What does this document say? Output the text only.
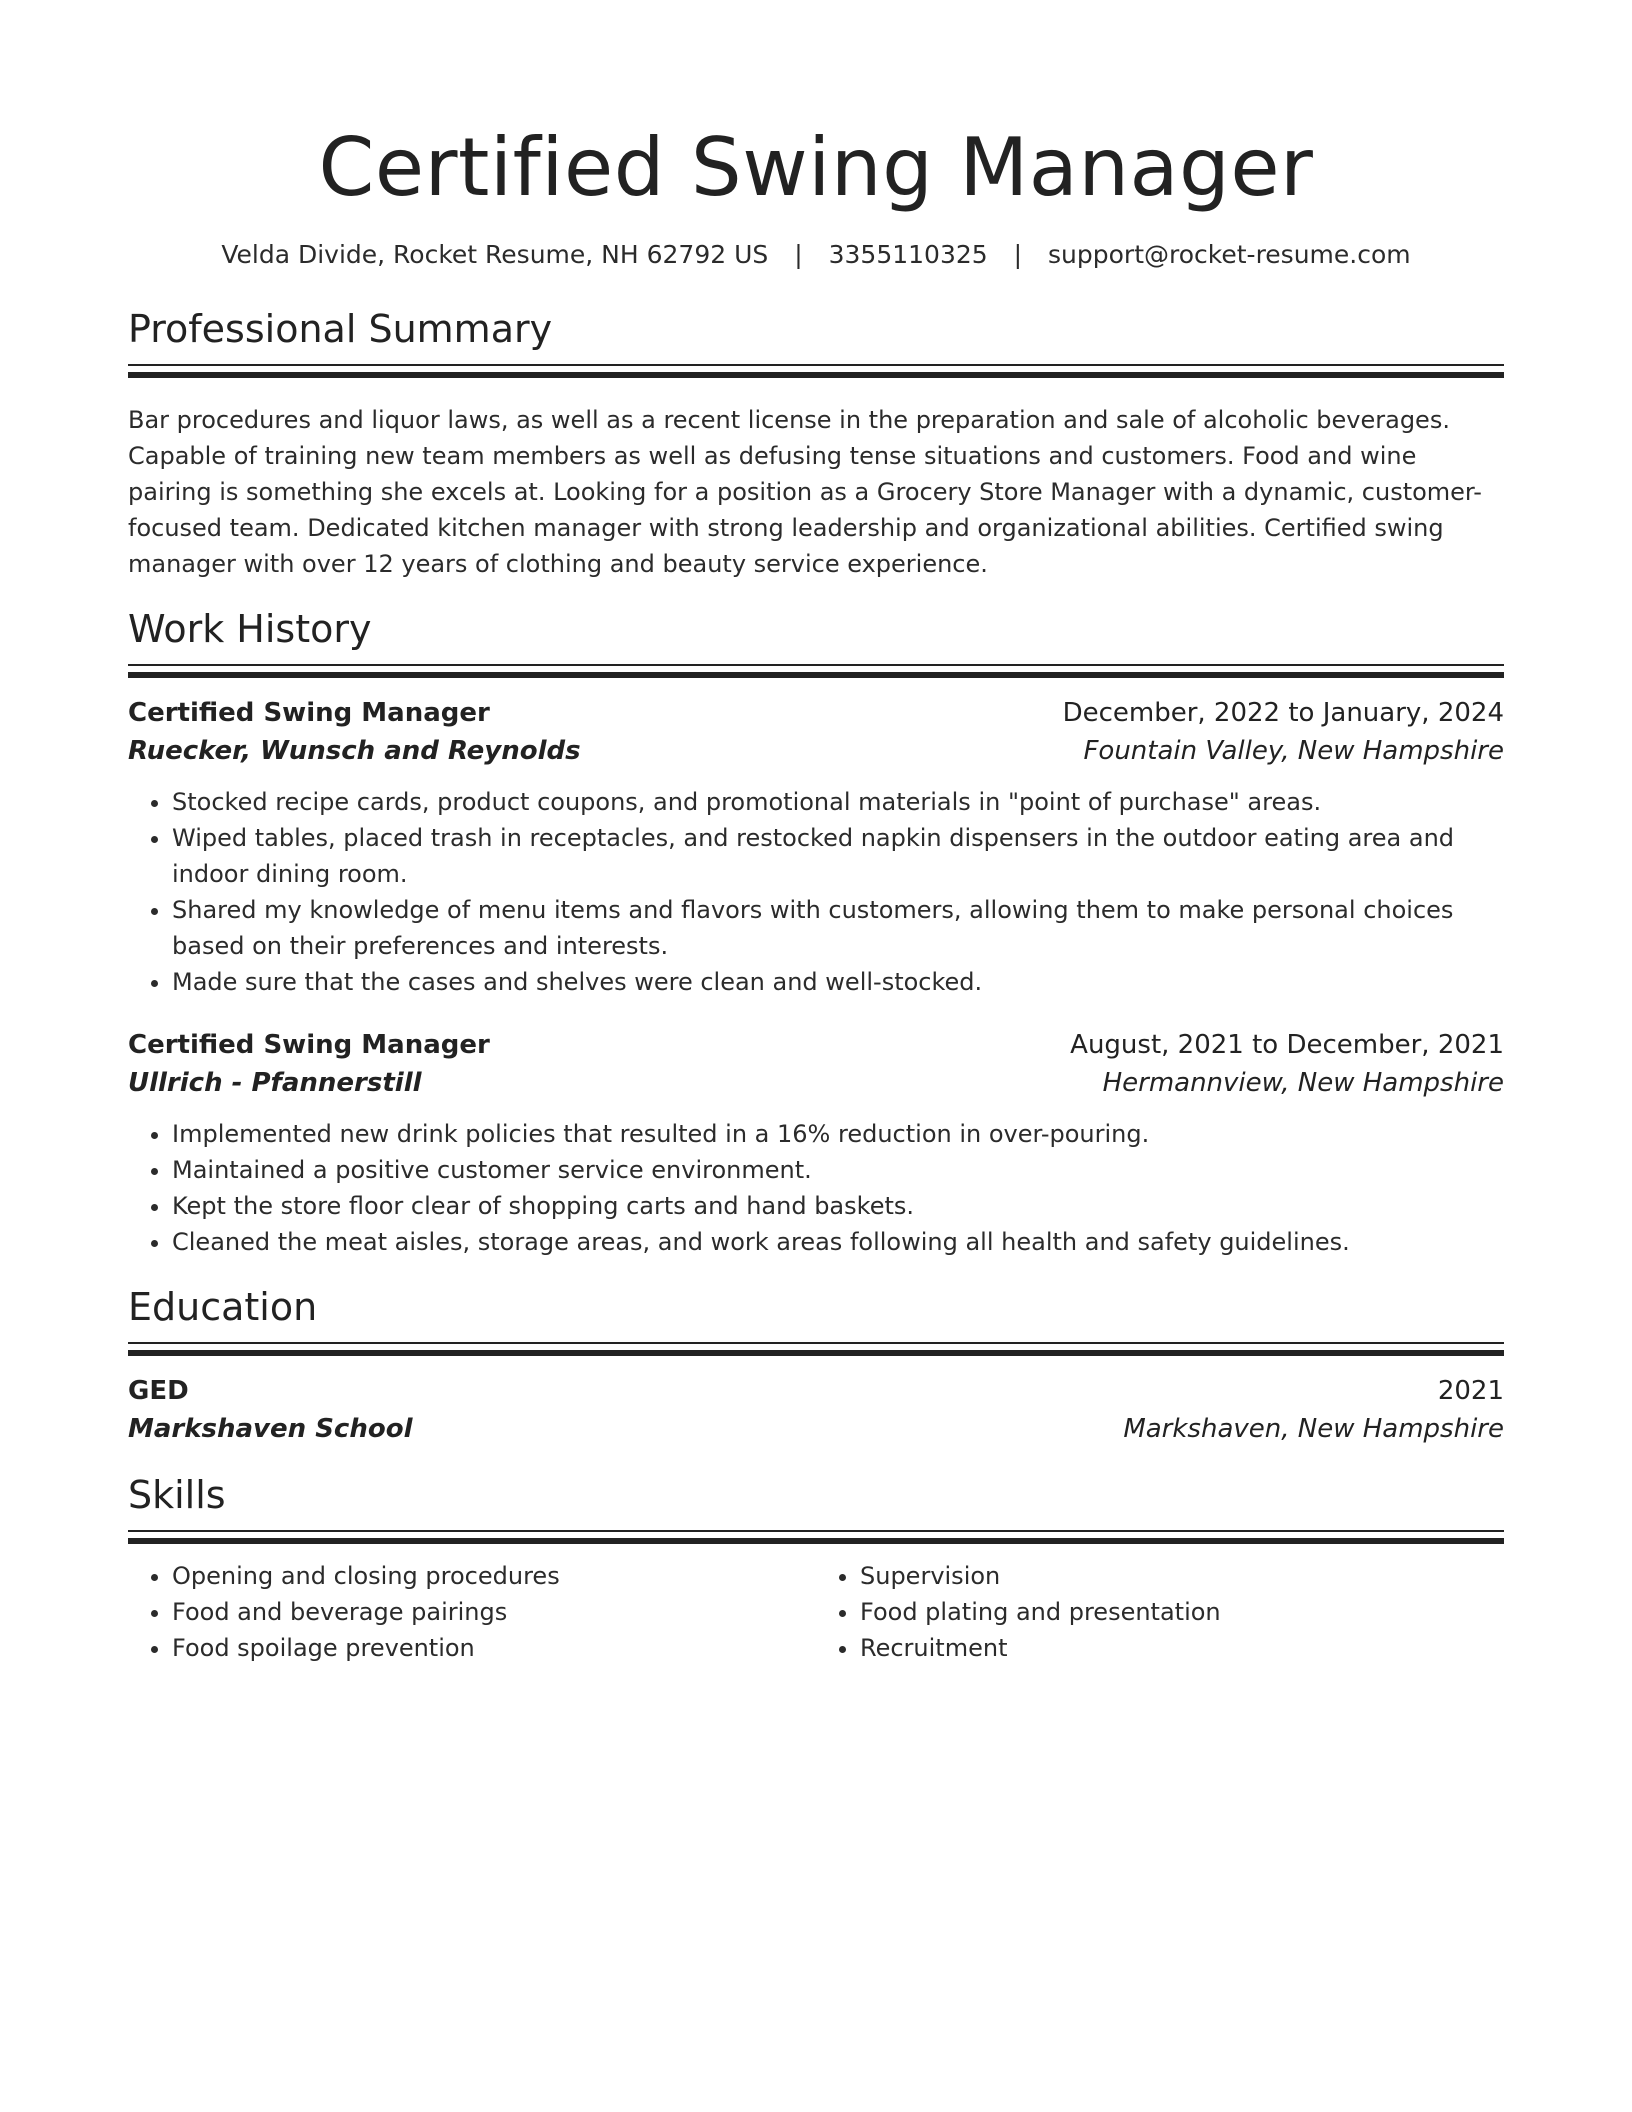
Certified Swing Manager
Velda Divide, Rocket Resume, NH 62792 US | 3355110325 | support@rocket-resume.com
Professional Summary

Bar procedures and liquor laws, as well as a recent license in the preparation and sale of alcoholic beverages. Capable of training new team members as well as defusing tense situations and customers. Food and wine pairing is something she excels at. Looking for a position as a Grocery Store Manager with a dynamic, customer-focused team. Dedicated kitchen manager with strong leadership and organizational abilities. Certified swing manager with over 12 years of clothing and beauty service experience.

Work History
Certified Swing Manager	December, 2022 to January, 2024
Ruecker, Wunsch and Reynolds	Fountain Valley, New Hampshire
• Stocked recipe cards, product coupons, and promotional materials in "point of purchase" areas.
• Wiped tables, placed trash in receptacles, and restocked napkin dispensers in the outdoor eating area and indoor dining room.
• Shared my knowledge of menu items and flavors with customers, allowing them to make personal choices based on their preferences and interests.
• Made sure that the cases and shelves were clean and well-stocked.
Certified Swing Manager	August, 2021 to December, 2021
Ullrich - Pfannerstill	Hermannview, New Hampshire
• Implemented new drink policies that resulted in a 16% reduction in over-pouring.
• Maintained a positive customer service environment.
• Kept the store floor clear of shopping carts and hand baskets.
• Cleaned the meat aisles, storage areas, and work areas following all health and safety guidelines.
Education
GED	2021
Markshaven School	Markshaven, New Hampshire
Skills
• Opening and closing procedures
• Food and beverage pairings
• Food spoilage prevention
• Supervision
• Food plating and presentation
• Recruitment
